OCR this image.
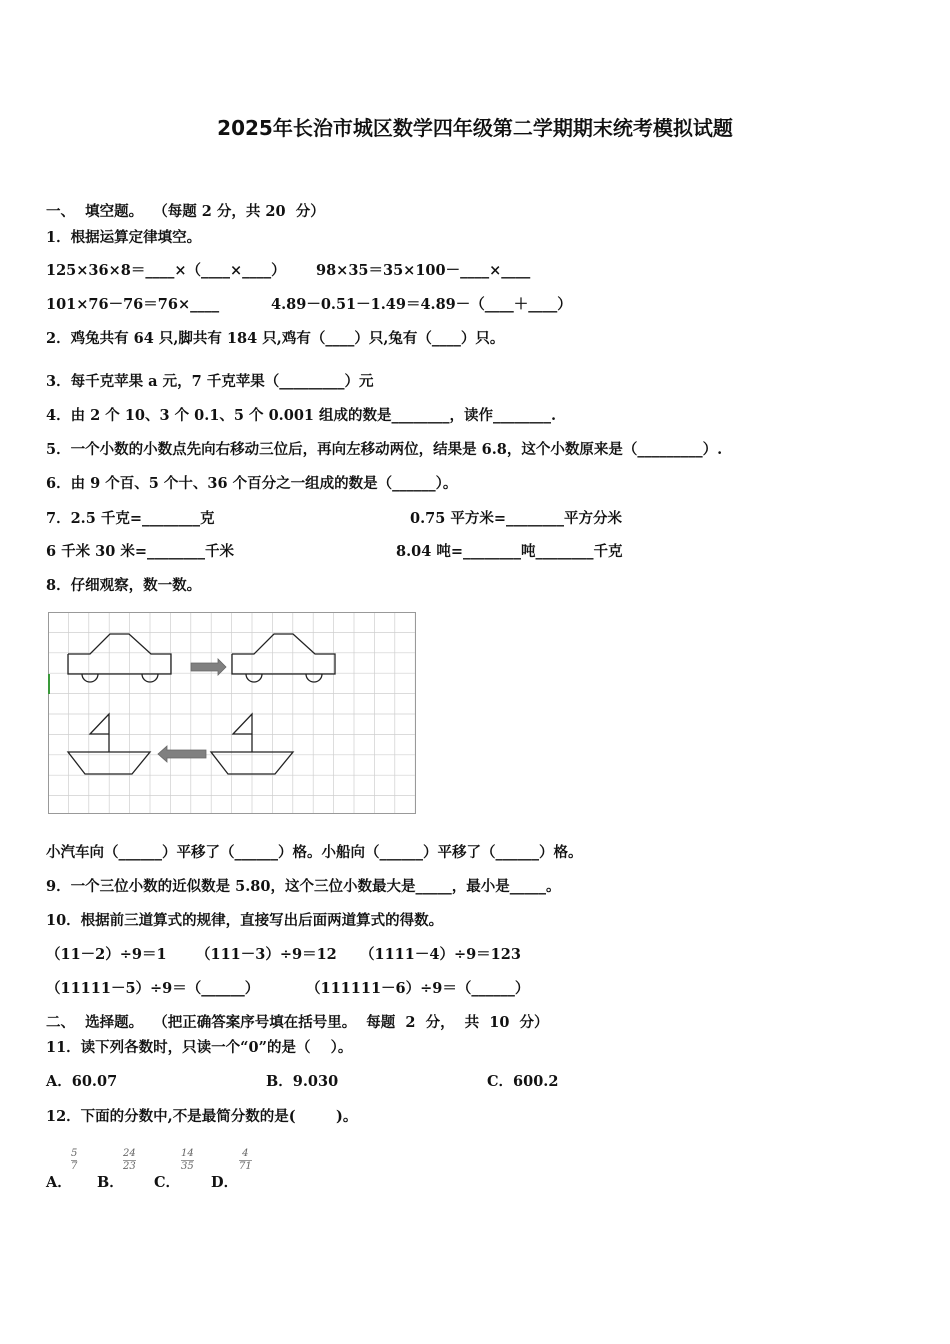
2025年长治市城区数学四年级第二学期期末统考模拟试题
一、  填空题。  （每题 2 分，共 20  分）
1．根据运算定律填空。
125×36×8＝____×（____×____） 98×35＝35×100－____×____
101×76－76＝76×____	4.89－0.51－1.49＝4.89－（____＋____）
2．鸡兔共有 64 只,脚共有 184 只,鸡有（____）只,兔有（____）只。
3．每千克苹果 a 元，7 千克苹果（_________）元
4．由 2 个 10、3 个 0.1、5 个 0.001 组成的数是________，读作________.
5．一个小数的小数点先向右移动三位后，再向左移动两位，结果是 6.8，这个小数原来是（_________）.
6．由 9 个百、5 个十、36 个百分之一组成的数是（______）。
7．2.5 千克=________克	0.75 平方米=________平方分米
6 千米 30 米=________千米	8.04 吨=________吨________千克
8．仔细观察，数一数。
小汽车向（______）平移了（______）格。小船向（______）平移了（______）格。
9．一个三位小数的近似数是 5.80，这个三位小数最大是_____，最小是_____。
10．根据前三道算式的规律，直接写出后面两道算式的得数。
（11－2）÷9＝1 （111－3）÷9＝12 （1111－4）÷9＝123
（11111－5）÷9＝（______）	（111111－6）÷9＝（______）
二、  选择题。  （把正确答案序号填在括号里。  每题  2  分，  共  10  分）
11．读下列各数时，只读一个“0”的是（    ）。
A．60.07	B．9.030	C．600.2
12．下面的分数中,不是最简分数的是(        )。
A．
$\frac{5}{7}$
B．
$\frac{24}{23}$
C．
$\frac{14}{35}$
D．
$\frac{4}{71}$
